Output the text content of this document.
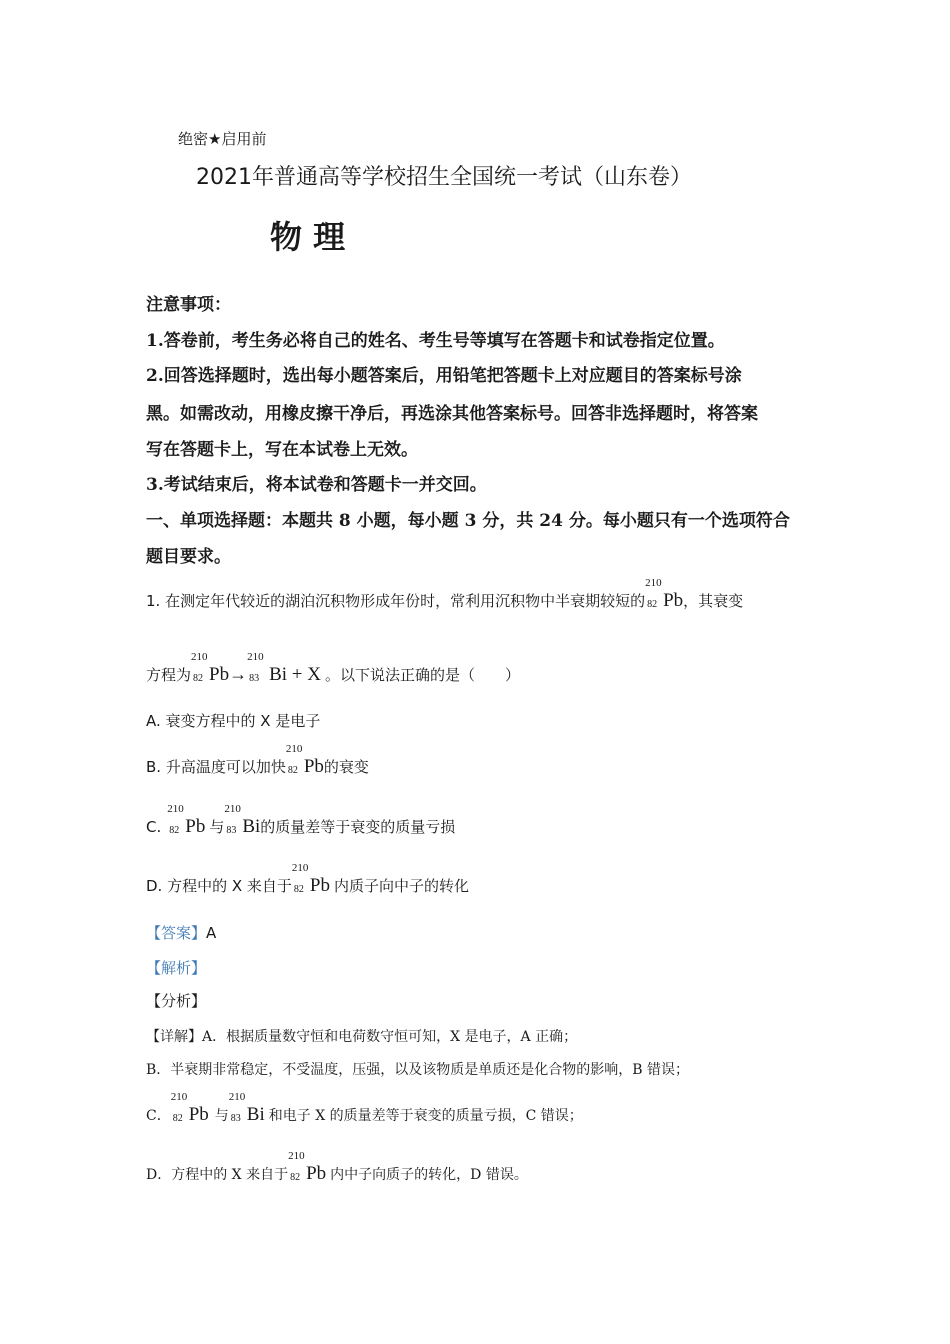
绝密★启用前
2021年普通高等学校招生全国统一考试（山东卷）
物 理
注意事项：
1.答卷前，考生务必将自己的姓名、考生号等填写在答题卡和试卷指定位置。
2.回答选择题时，选出每小题答案后，用铅笔把答题卡上对应题目的答案标号涂
黑。如需改动，用橡皮擦干净后，再选涂其他答案标号。回答非选择题时，将答案
写在答题卡上，写在本试卷上无效。
3.考试结束后，将本试卷和答题卡一并交回。
一、单项选择题：本题共 8 小题，每小题 3 分，共 24 分。每小题只有一个选项符合
题目要求。
1. 在测定年代较近的湖泊沉积物形成年份时，常利用沉积物中半衰期较短的
210
82 Pb，其衰变
方程为
210
82 Pb→
210
83 Bi + X 。以下说法正确的是（　　）
A. 衰变方程中的 X 是电子
B. 升高温度可以加快
210
82 Pb的衰变
C.
210
82 Pb 与
210
83 Bi的质量差等于衰变的质量亏损
D. 方程中的 X 来自于
210
82 Pb 内质子向中子的转化
【答案】A
【解析】
【分析】
【详解】A．根据质量数守恒和电荷数守恒可知，X 是电子，A 正确；
B．半衰期非常稳定，不受温度，压强，以及该物质是单质还是化合物的影响，B 错误；
C．
210
82 Pb 与
210
83 Bi 和电子 X 的质量差等于衰变的质量亏损，C 错误；
D．方程中的 X 来自于
210
82 Pb 内中子向质子的转化，D 错误。
